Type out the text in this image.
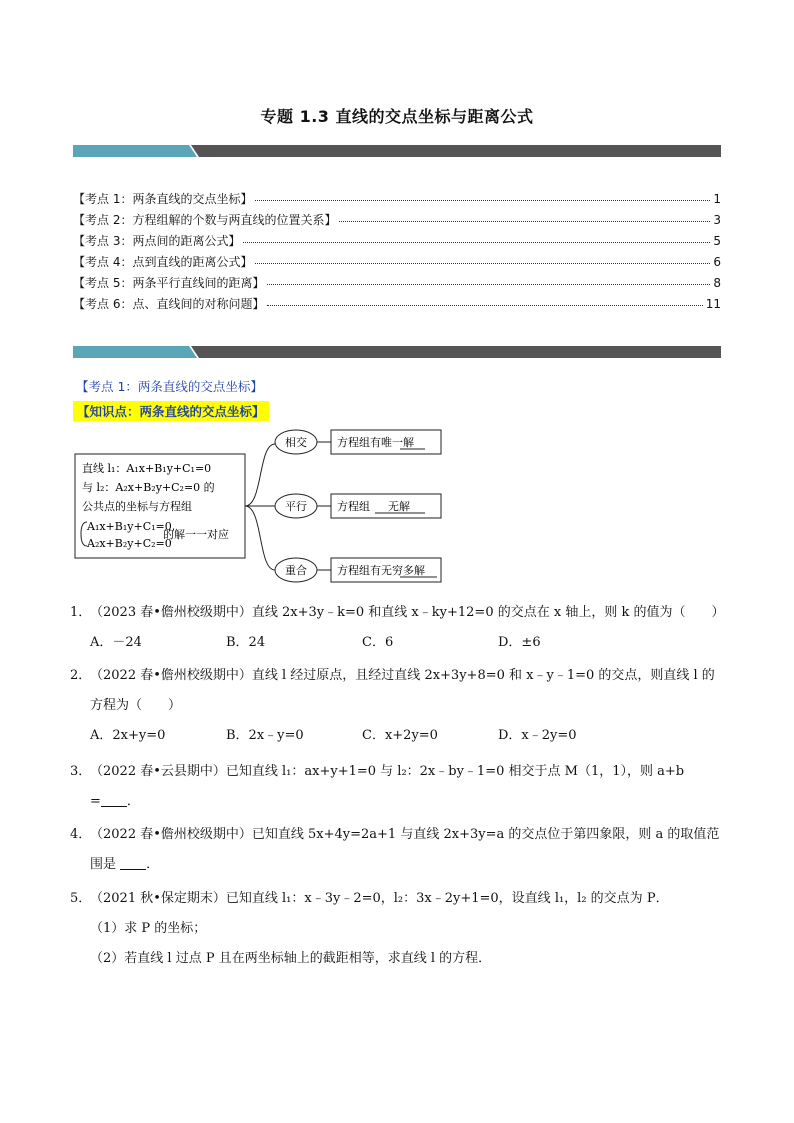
专题 1.3 直线的交点坐标与距离公式
【考点 1：两条直线的交点坐标】	1
【考点 2：方程组解的个数与两直线的位置关系】	3
【考点 3：两点间的距离公式】	5
【考点 4：点到直线的距离公式】	6
【考点 5：两条平行直线间的距离】	8
【考点 6：点、直线间的对称问题】	11
【考点 1：两条直线的交点坐标】
【知识点：两条直线的交点坐标】
直线 l₁：A₁x+B₁y+C₁=0
与 l₂：A₂x+B₂y+C₂=0 的
公共点的坐标与方程组
A₁x+B₁y+C₁=0,
A₂x+B₂y+C₂=0
的解一一对应
相交
平行
重合
方程组有唯一解
方程组 无解
方程组有无穷多解
1．（2023 春•儋州校级期中）直线 2x+3y﹣k=0 和直线 x﹣ky+12=0 的交点在 x 轴上，则 k 的值为（　　）
A．－24	B．24	C．6	D．±6
2．（2022 春•儋州校级期中）直线 l 经过原点，且经过直线 2x+3y+8=0 和 x﹣y﹣1=0 的交点，则直线 l 的
方程为（　　）
A．2x+y=0	B．2x﹣y=0	C．x+2y=0	D．x﹣2y=0
3．（2022 春•云县期中）已知直线 l₁：ax+y+1=0 与 l₂：2x﹣by﹣1=0 相交于点 M（1，1），则 a+b
= ．
4．（2022 春•儋州校级期中）已知直线 5x+4y=2a+1 与直线 2x+3y=a 的交点位于第四象限，则 a 的取值范
围是 ．
5．（2021 秋•保定期末）已知直线 l₁：x﹣3y﹣2=0，l₂：3x﹣2y+1=0，设直线 l₁，l₂ 的交点为 P．
（1）求 P 的坐标；
（2）若直线 l 过点 P 且在两坐标轴上的截距相等，求直线 l 的方程．
